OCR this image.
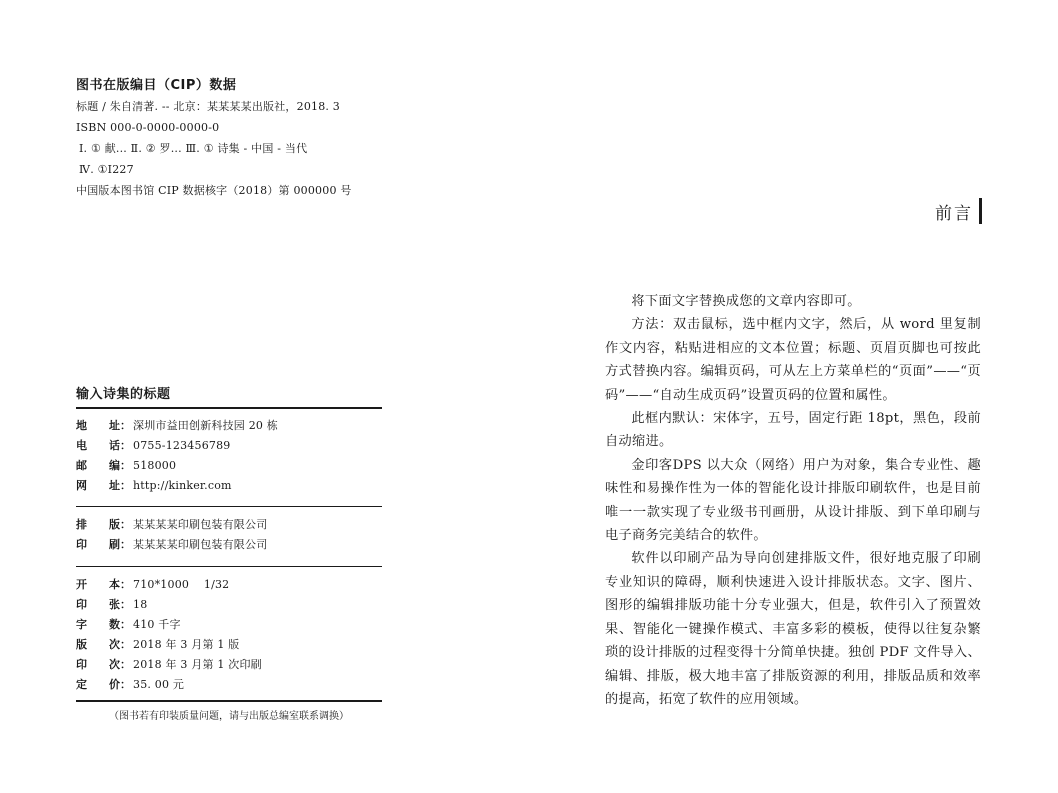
图书在版编目（CIP）数据
标题 / 朱自清著. -- 北京：某某某某出版社，2018. 3
ISBN 000-0-0000-0000-0
Ⅰ. ① 献... Ⅱ. ② 罗... Ⅲ. ① 诗集 - 中国 - 当代
Ⅳ. ①I227
中国版本图书馆 CIP 数据核字（2018）第 000000 号
输入诗集的标题
地 址： 深圳市益田创新科技园 20 栋
电 话： 0755-123456789
邮 编： 518000
网 址： http://kinker.com
排 版： 某某某某印刷包装有限公司
印 刷： 某某某某印刷包装有限公司
开 本： 710*1000    1/32
印 张： 18
字 数： 410 千字
版 次： 2018 年 3 月第 1 版
印 次： 2018 年 3 月第 1 次印刷
定 价： 35. 00 元
（图书若有印装质量问题，请与出版总编室联系调换）
前言

将下面文字替换成您的文章内容即可。

方法：双击鼠标，选中框内文字，然后，从 word 里复制作文内容，粘贴进相应的文本位置；标题、页眉页脚也可按此方式替换内容。编辑页码，可从左上方菜单栏的“页面”——“页码”——“自动生成页码”设置页码的位置和属性。

此框内默认：宋体字，五号，固定行距 18pt，黑色，段前自动缩进。

金印客DPS 以大众（网络）用户为对象，集合专业性、趣味性和易操作性为一体的智能化设计排版印刷软件，也是目前唯一一款实现了专业级书刊画册，从设计排版、到下单印刷与电子商务完美结合的软件。

软件以印刷产品为导向创建排版文件，很好地克服了印刷专业知识的障碍，顺利快速进入设计排版状态。文字、图片、图形的编辑排版功能十分专业强大，但是，软件引入了预置效果、智能化一键操作模式、丰富多彩的模板，使得以往复杂繁琐的设计排版的过程变得十分简单快捷。独创 PDF 文件导入、编辑、排版，极大地丰富了排版资源的利用，排版品质和效率的提高，拓宽了软件的应用领域。
